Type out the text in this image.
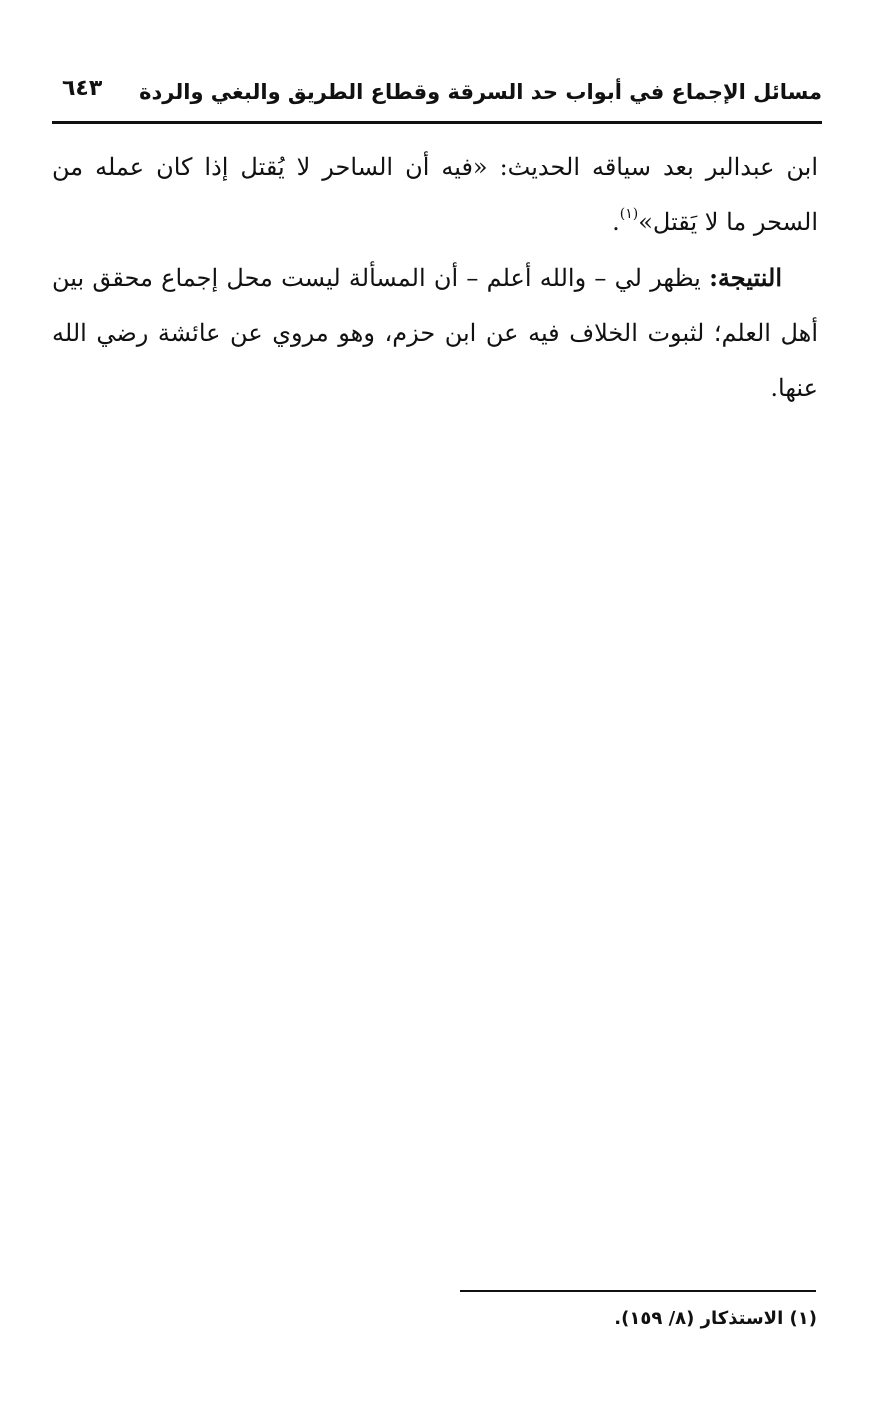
مسائل الإجماع في أبواب حد السرقة وقطاع الطريق والبغي والردة
٦٤٣

ابن عبدالبر بعد سياقه الحديث: «فيه أن الساحر لا يُقتل إذا كان عمله من السحر ما لا يَقتل»$^{(١)}$.

النتيجة: يظهر لي – والله أعلم – أن المسألة ليست محل إجماع محقق بين أهل العلم؛ لثبوت الخلاف فيه عن ابن حزم، وهو مروي عن عائشة رضي الله عنها.

(١) الاستذكار (٨/ ١٥٩).
